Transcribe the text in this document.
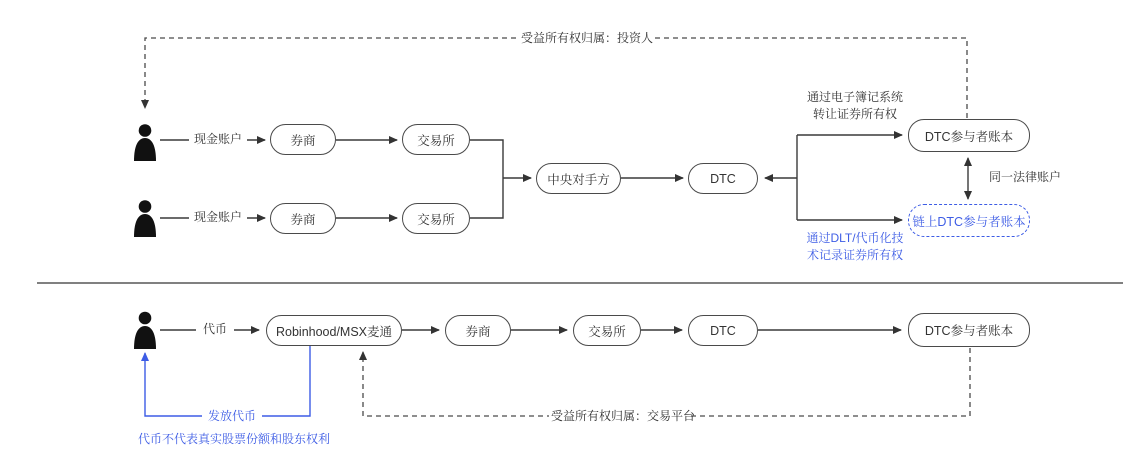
券商	交易所
券商	交易所
中央对手方	DTC
DTC参与者账本
链上DTC参与者账本
受益所有权归属：投资人
现金账户
现金账户
同一法律账户
通过电子簿记系统
转让证券所有权
通过DLT/代币化技
术记录证券所有权
Robinhood/MSX麦通	券商	交易所	DTC	DTC参与者账本
代币
发放代币	受益所有权归属：交易平台
代币不代表真实股票份额和股东权利
